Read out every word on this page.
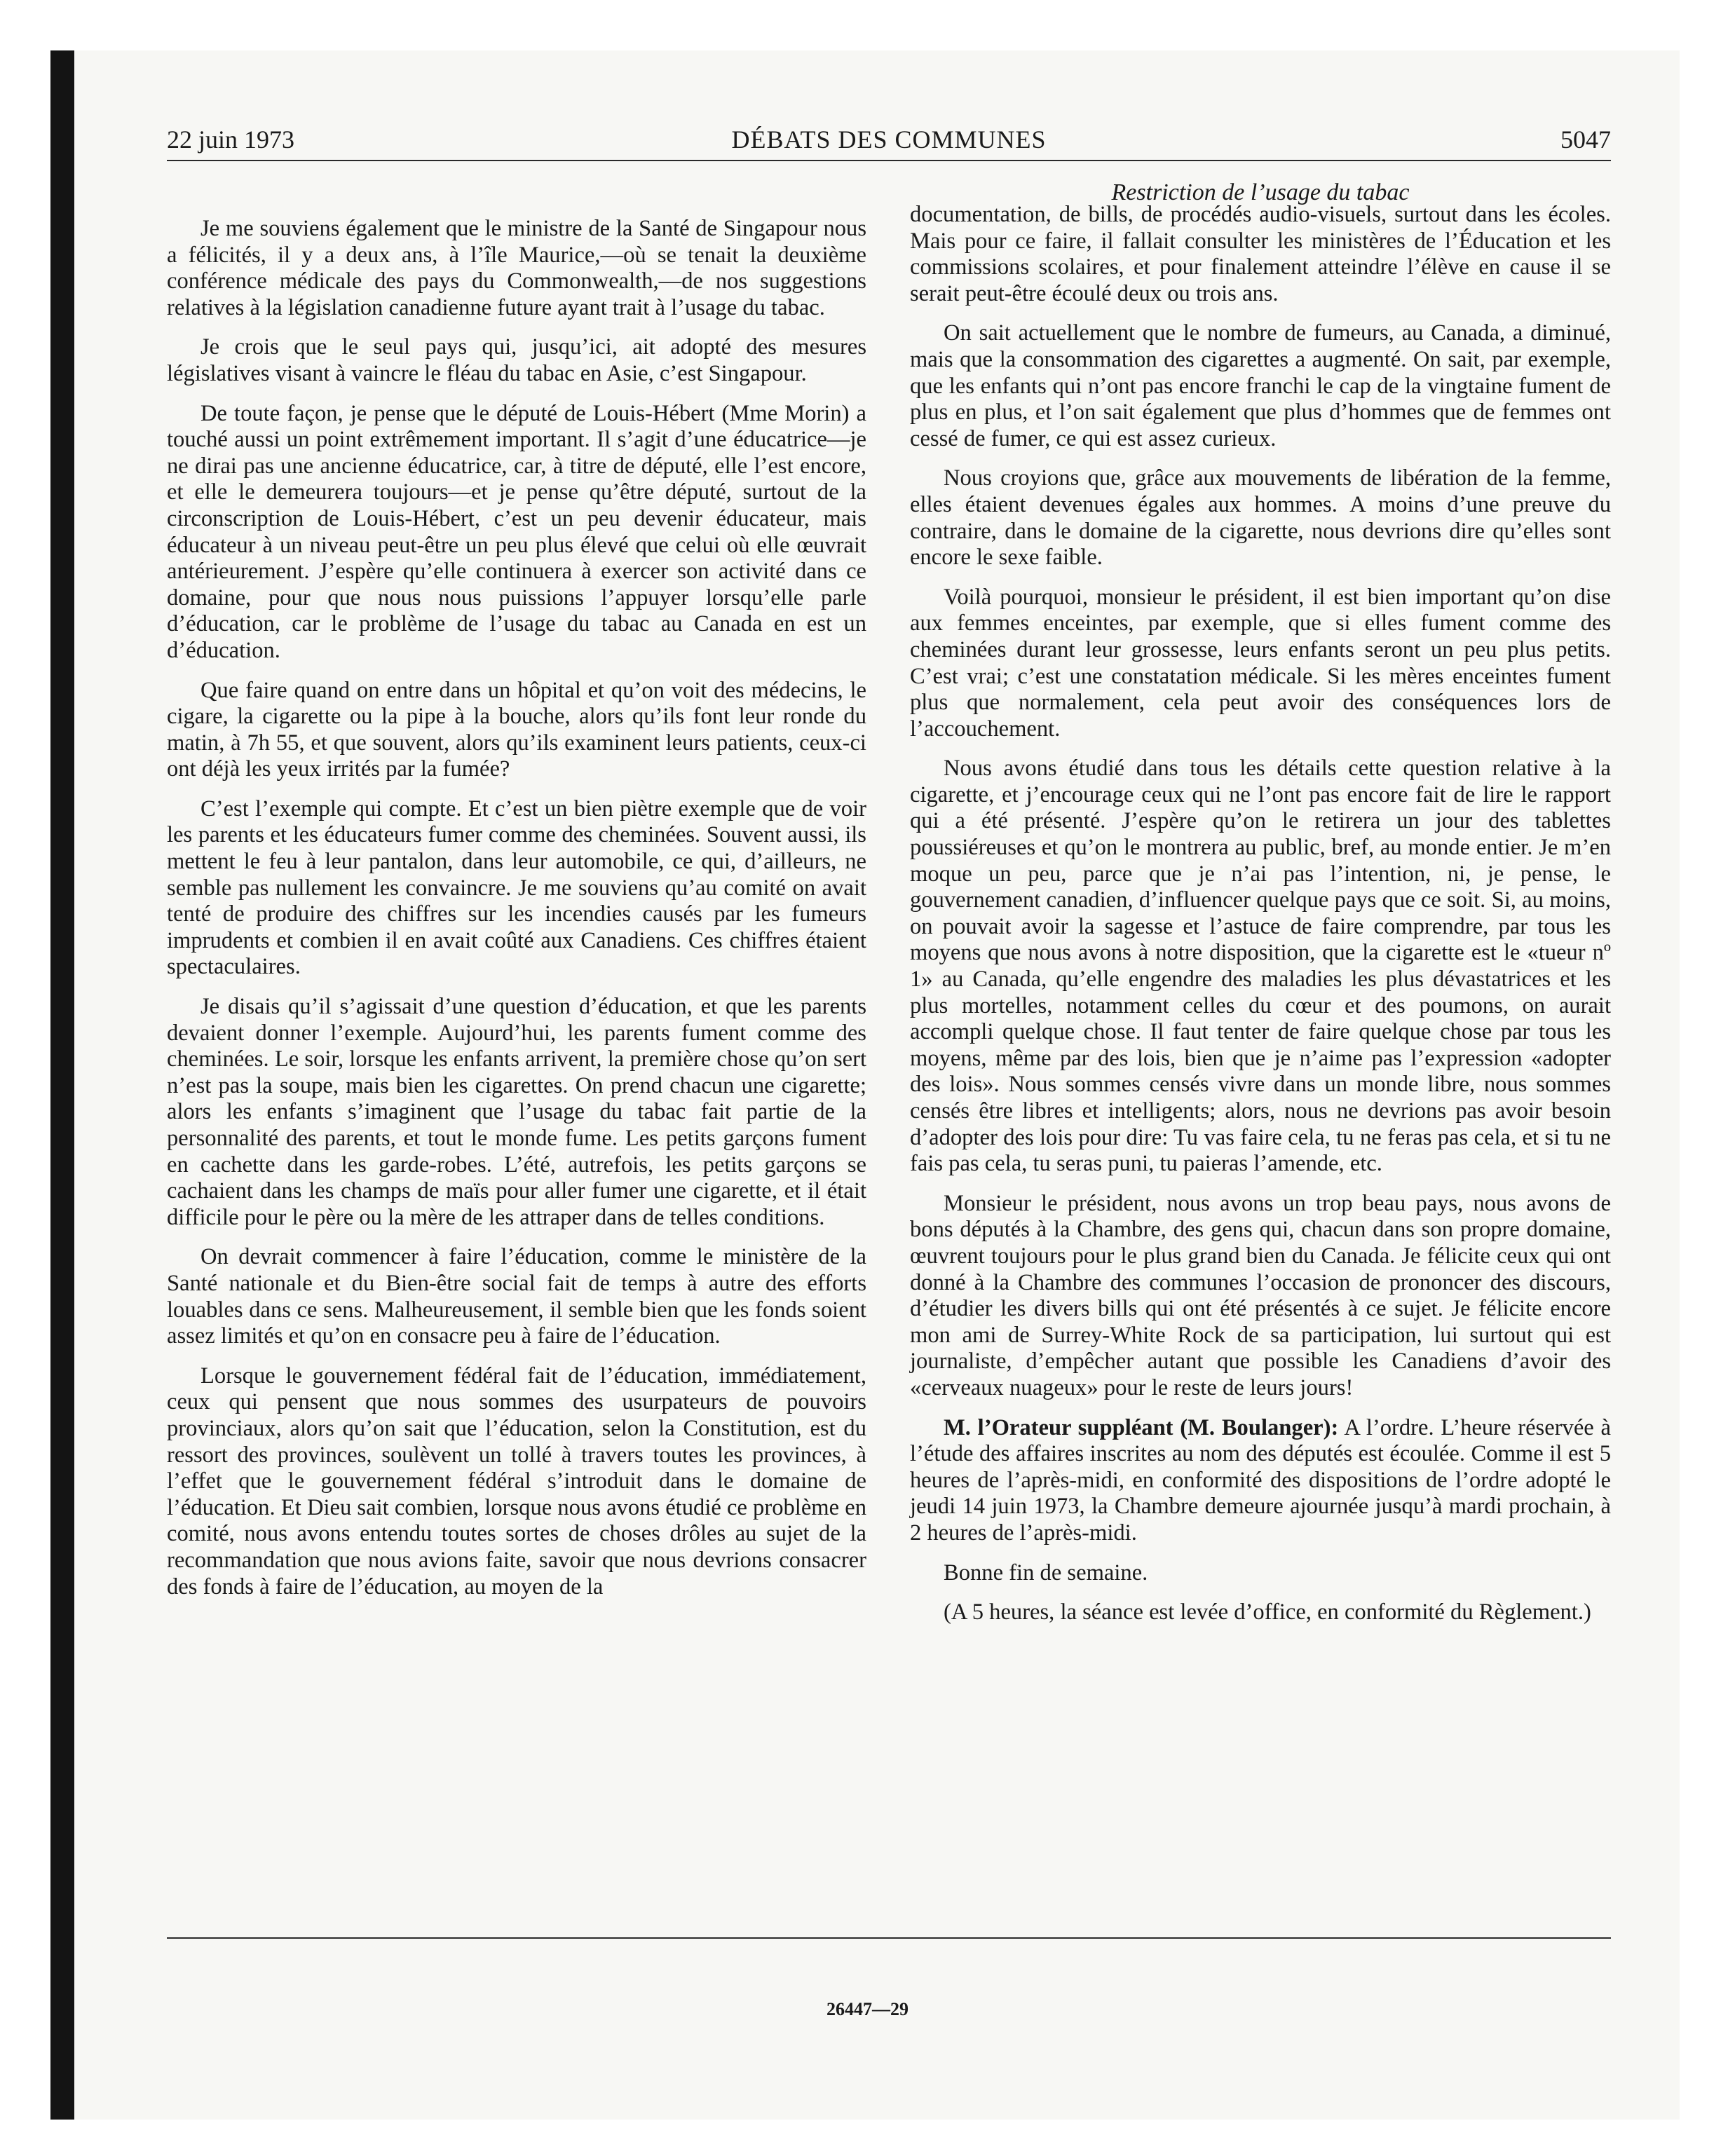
22 juin 1973	DÉBATS DES COMMUNES	5047
Restriction de l’usage du tabac

Je me souviens également que le ministre de la Santé de Singapour nous a félicités, il y a deux ans, à l’île Maurice,—où se tenait la deuxième conférence médicale des pays du Commonwealth,—de nos suggestions relatives à la législation canadienne future ayant trait à l’usage du tabac.

Je crois que le seul pays qui, jusqu’ici, ait adopté des mesures législatives visant à vaincre le fléau du tabac en Asie, c’est Singapour.

De toute façon, je pense que le député de Louis-Hébert (Mme Morin) a touché aussi un point extrêmement important. Il s’agit d’une éducatrice—je ne dirai pas une ancienne éducatrice, car, à titre de député, elle l’est encore, et elle le demeurera toujours—et je pense qu’être député, surtout de la circonscription de Louis-Hébert, c’est un peu devenir éducateur, mais éducateur à un niveau peut-être un peu plus élevé que celui où elle œuvrait antérieurement. J’espère qu’elle continuera à exercer son activité dans ce domaine, pour que nous nous puissions l’appuyer lorsqu’elle parle d’éducation, car le problème de l’usage du tabac au Canada en est un d’éducation.

Que faire quand on entre dans un hôpital et qu’on voit des médecins, le cigare, la cigarette ou la pipe à la bouche, alors qu’ils font leur ronde du matin, à 7h 55, et que souvent, alors qu’ils examinent leurs patients, ceux-ci ont déjà les yeux irrités par la fumée?

C’est l’exemple qui compte. Et c’est un bien piètre exemple que de voir les parents et les éducateurs fumer comme des cheminées. Souvent aussi, ils mettent le feu à leur pantalon, dans leur automobile, ce qui, d’ailleurs, ne semble pas nullement les convaincre. Je me souviens qu’au comité on avait tenté de produire des chiffres sur les incendies causés par les fumeurs imprudents et combien il en avait coûté aux Canadiens. Ces chiffres étaient spectaculaires.

Je disais qu’il s’agissait d’une question d’éducation, et que les parents devaient donner l’exemple. Aujourd’hui, les parents fument comme des cheminées. Le soir, lorsque les enfants arrivent, la première chose qu’on sert n’est pas la soupe, mais bien les cigarettes. On prend chacun une cigarette; alors les enfants s’imaginent que l’usage du tabac fait partie de la personnalité des parents, et tout le monde fume. Les petits garçons fument en cachette dans les garde-robes. L’été, autrefois, les petits garçons se cachaient dans les champs de maïs pour aller fumer une cigarette, et il était difficile pour le père ou la mère de les attraper dans de telles conditions.

On devrait commencer à faire l’éducation, comme le ministère de la Santé nationale et du Bien-être social fait de temps à autre des efforts louables dans ce sens. Malheureusement, il semble bien que les fonds soient assez limités et qu’on en consacre peu à faire de l’éducation.

Lorsque le gouvernement fédéral fait de l’éducation, immédiatement, ceux qui pensent que nous sommes des usurpateurs de pouvoirs provinciaux, alors qu’on sait que l’éducation, selon la Constitution, est du ressort des provinces, soulèvent un tollé à travers toutes les provinces, à l’effet que le gouvernement fédéral s’introduit dans le domaine de l’éducation. Et Dieu sait combien, lorsque nous avons étudié ce problème en comité, nous avons entendu toutes sortes de choses drôles au sujet de la recommandation que nous avions faite, savoir que nous devrions consacrer des fonds à faire de l’éducation, au moyen de la

documentation, de bills, de procédés audio-visuels, surtout dans les écoles. Mais pour ce faire, il fallait consulter les ministères de l’Éducation et les commissions scolaires, et pour finalement atteindre l’élève en cause il se serait peut-être écoulé deux ou trois ans.

On sait actuellement que le nombre de fumeurs, au Canada, a diminué, mais que la consommation des cigarettes a augmenté. On sait, par exemple, que les enfants qui n’ont pas encore franchi le cap de la vingtaine fument de plus en plus, et l’on sait également que plus d’hommes que de femmes ont cessé de fumer, ce qui est assez curieux.

Nous croyions que, grâce aux mouvements de libération de la femme, elles étaient devenues égales aux hommes. A moins d’une preuve du contraire, dans le domaine de la cigarette, nous devrions dire qu’elles sont encore le sexe faible.

Voilà pourquoi, monsieur le président, il est bien important qu’on dise aux femmes enceintes, par exemple, que si elles fument comme des cheminées durant leur grossesse, leurs enfants seront un peu plus petits. C’est vrai; c’est une constatation médicale. Si les mères enceintes fument plus que normalement, cela peut avoir des conséquences lors de l’accouchement.

Nous avons étudié dans tous les détails cette question relative à la cigarette, et j’encourage ceux qui ne l’ont pas encore fait de lire le rapport qui a été présenté. J’espère qu’on le retirera un jour des tablettes poussiéreuses et qu’on le montrera au public, bref, au monde entier. Je m’en moque un peu, parce que je n’ai pas l’intention, ni, je pense, le gouvernement canadien, d’influencer quelque pays que ce soit. Si, au moins, on pouvait avoir la sagesse et l’astuce de faire comprendre, par tous les moyens que nous avons à notre disposition, que la cigarette est le «tueur nº 1» au Canada, qu’elle engendre des maladies les plus dévastatrices et les plus mortelles, notamment celles du cœur et des poumons, on aurait accompli quelque chose. Il faut tenter de faire quelque chose par tous les moyens, même par des lois, bien que je n’aime pas l’expression «adopter des lois». Nous sommes censés vivre dans un monde libre, nous sommes censés être libres et intelligents; alors, nous ne devrions pas avoir besoin d’adopter des lois pour dire: Tu vas faire cela, tu ne feras pas cela, et si tu ne fais pas cela, tu seras puni, tu paieras l’amende, etc.

Monsieur le président, nous avons un trop beau pays, nous avons de bons députés à la Chambre, des gens qui, chacun dans son propre domaine, œuvrent toujours pour le plus grand bien du Canada. Je félicite ceux qui ont donné à la Chambre des communes l’occasion de prononcer des discours, d’étudier les divers bills qui ont été présentés à ce sujet. Je félicite encore mon ami de Surrey-White Rock de sa participation, lui surtout qui est journaliste, d’empêcher autant que possible les Canadiens d’avoir des «cerveaux nuageux» pour le reste de leurs jours!

M. l’Orateur suppléant (M. Boulanger): A l’ordre. L’heure réservée à l’étude des affaires inscrites au nom des députés est écoulée. Comme il est 5 heures de l’après-midi, en conformité des dispositions de l’ordre adopté le jeudi 14 juin 1973, la Chambre demeure ajournée jusqu’à mardi prochain, à 2 heures de l’après-midi.

Bonne fin de semaine.

(A 5 heures, la séance est levée d’office, en conformité du Règlement.)

26447—29
